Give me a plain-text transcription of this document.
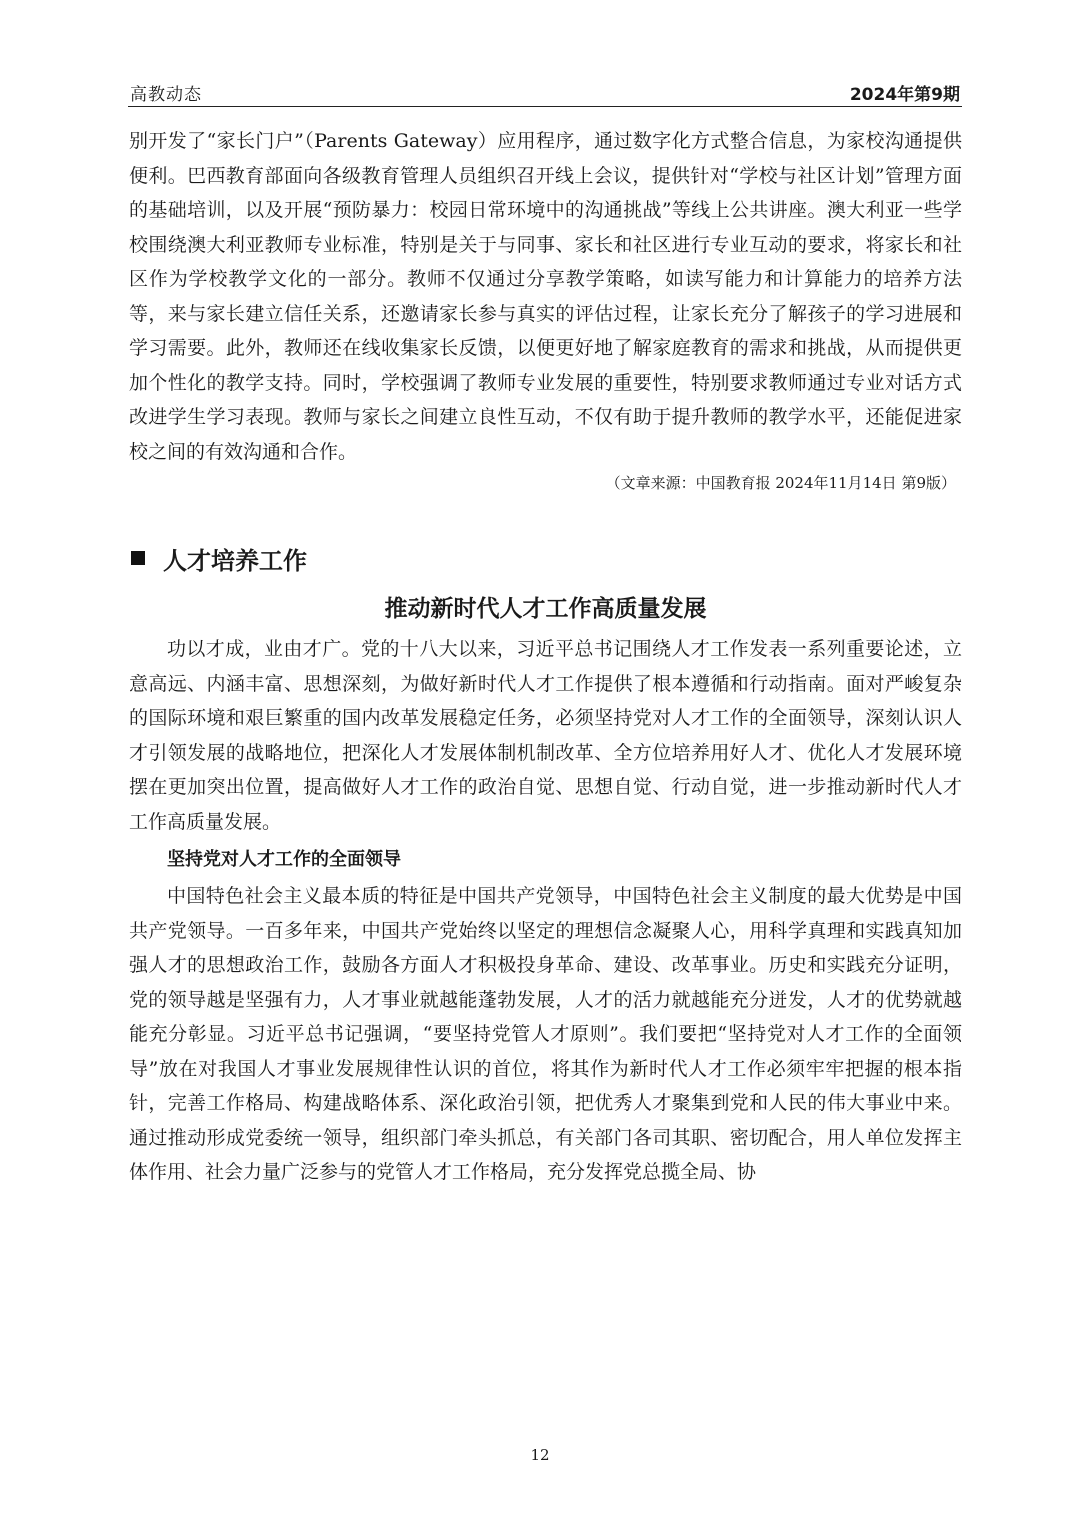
高教动态	2024年第9期

别开发了“家长门户”（Parents Gateway）应用程序，通过数字化方式整合信息，为家校沟通提供便利。巴西教育部面向各级教育管理人员组织召开线上会议，提供针对“学校与社区计划”管理方面的基础培训，以及开展“预防暴力：校园日常环境中的沟通挑战”等线上公共讲座。澳大利亚一些学校围绕澳大利亚教师专业标准，特别是关于与同事、家长和社区进行专业互动的要求，将家长和社区作为学校教学文化的一部分。教师不仅通过分享教学策略，如读写能力和计算能力的培养方法等，来与家长建立信任关系，还邀请家长参与真实的评估过程，让家长充分了解孩子的学习进展和学习需要。此外，教师还在线收集家长反馈，以便更好地了解家庭教育的需求和挑战，从而提供更加个性化的教学支持。同时，学校强调了教师专业发展的重要性，特别要求教师通过专业对话方式改进学生学习表现。教师与家长之间建立良性互动，不仅有助于提升教师的教学水平，还能促进家校之间的有效沟通和合作。

（文章来源：中国教育报 2024年11月14日 第9版）

人才培养工作
推动新时代人才工作高质量发展

功以才成，业由才广。党的十八大以来，习近平总书记围绕人才工作发表一系列重要论述，立意高远、内涵丰富、思想深刻，为做好新时代人才工作提供了根本遵循和行动指南。面对严峻复杂的国际环境和艰巨繁重的国内改革发展稳定任务，必须坚持党对人才工作的全面领导，深刻认识人才引领发展的战略地位，把深化人才发展体制机制改革、全方位培养用好人才、优化人才发展环境摆在更加突出位置，提高做好人才工作的政治自觉、思想自觉、行动自觉，进一步推动新时代人才工作高质量发展。

坚持党对人才工作的全面领导

中国特色社会主义最本质的特征是中国共产党领导，中国特色社会主义制度的最大优势是中国共产党领导。一百多年来，中国共产党始终以坚定的理想信念凝聚人心，用科学真理和实践真知加强人才的思想政治工作，鼓励各方面人才积极投身革命、建设、改革事业。历史和实践充分证明，党的领导越是坚强有力，人才事业就越能蓬勃发展，人才的活力就越能充分迸发，人才的优势就越能充分彰显。习近平总书记强调，“要坚持党管人才原则”。我们要把“坚持党对人才工作的全面领导”放在对我国人才事业发展规律性认识的首位，将其作为新时代人才工作必须牢牢把握的根本指针，完善工作格局、构建战略体系、深化政治引领，把优秀人才聚集到党和人民的伟大事业中来。通过推动形成党委统一领导，组织部门牵头抓总，有关部门各司其职、密切配合，用人单位发挥主体作用、社会力量广泛参与的党管人才工作格局，充分发挥党总揽全局、协

12
